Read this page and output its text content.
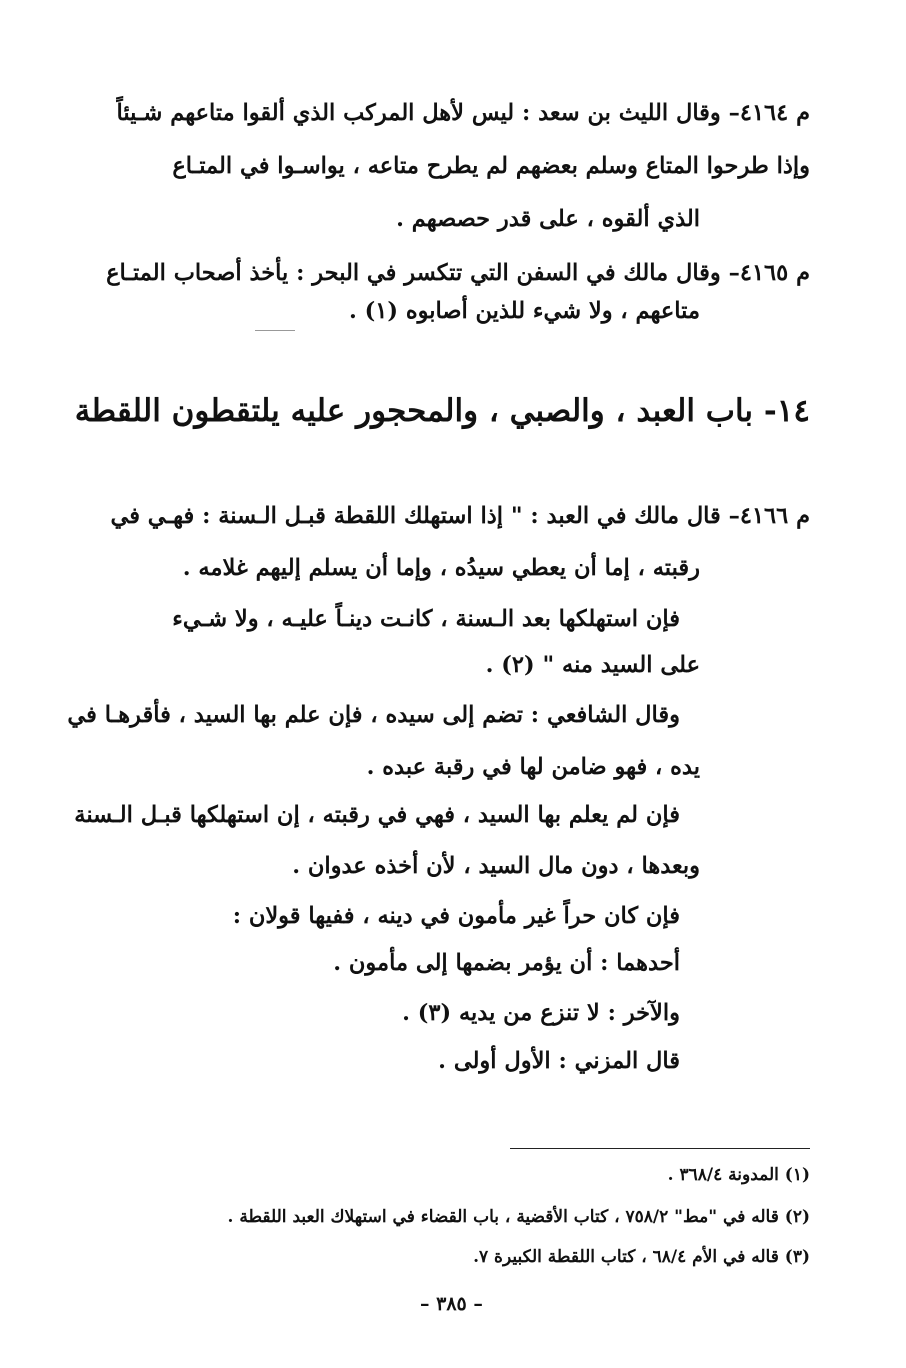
م ٤١٦٤– وقال الليث بن سعد : ليس لأهل المركب الذي ألقوا متاعهم شـيئاً
وإذا طرحوا المتاع وسلم بعضهم لم يطرح متاعه ، يواسـوا في المتـاع
الذي ألقوه ، على قدر حصصهم .
م ٤١٦٥– وقال مالك في السفن التي تتكسر في البحر : يأخذ أصحاب المتـاع
متاعهم ، ولا شيء للذين أصابوه (١) .
١٤- باب العبد ، والصبي ، والمحجور عليه يلتقطون اللقطة
م ٤١٦٦– قال مالك في العبد : " إذا استهلك اللقطة قبـل الـسنة : فهـي في
رقبته ، إما أن يعطي سيدُه ، وإما أن يسلم إليهم غلامه .
فإن استهلكها بعد الـسنة ، كانـت دينـاً عليـه ، ولا شـيء
على السيد منه " (٢) .
وقال الشافعي : تضم إلى سيده ، فإن علم بها السيد ، فأقرهـا في
يده ، فهو ضامن لها في رقبة عبده .
فإن لم يعلم بها السيد ، فهي في رقبته ، إن استهلكها قبـل الـسنة
وبعدها ، دون مال السيد ، لأن أخذه عدوان .
فإن كان حراً غير مأمون في دينه ، ففيها قولان :
أحدهما : أن يؤمر بضمها إلى مأمون .
والآخر : لا تنزع من يديه (٣) .
قال المزني : الأول أولى .
(١) المدونة ٣٦٨/٤ .
(٢) قاله في "مط" ٧٥٨/٢ ، كتاب الأقضية ، باب القضاء في استهلاك العبد اللقطة .
(٣) قاله في الأم ٦٨/٤ ، كتاب اللقطة الكبيرة ٧.
– ٣٨٥ –
